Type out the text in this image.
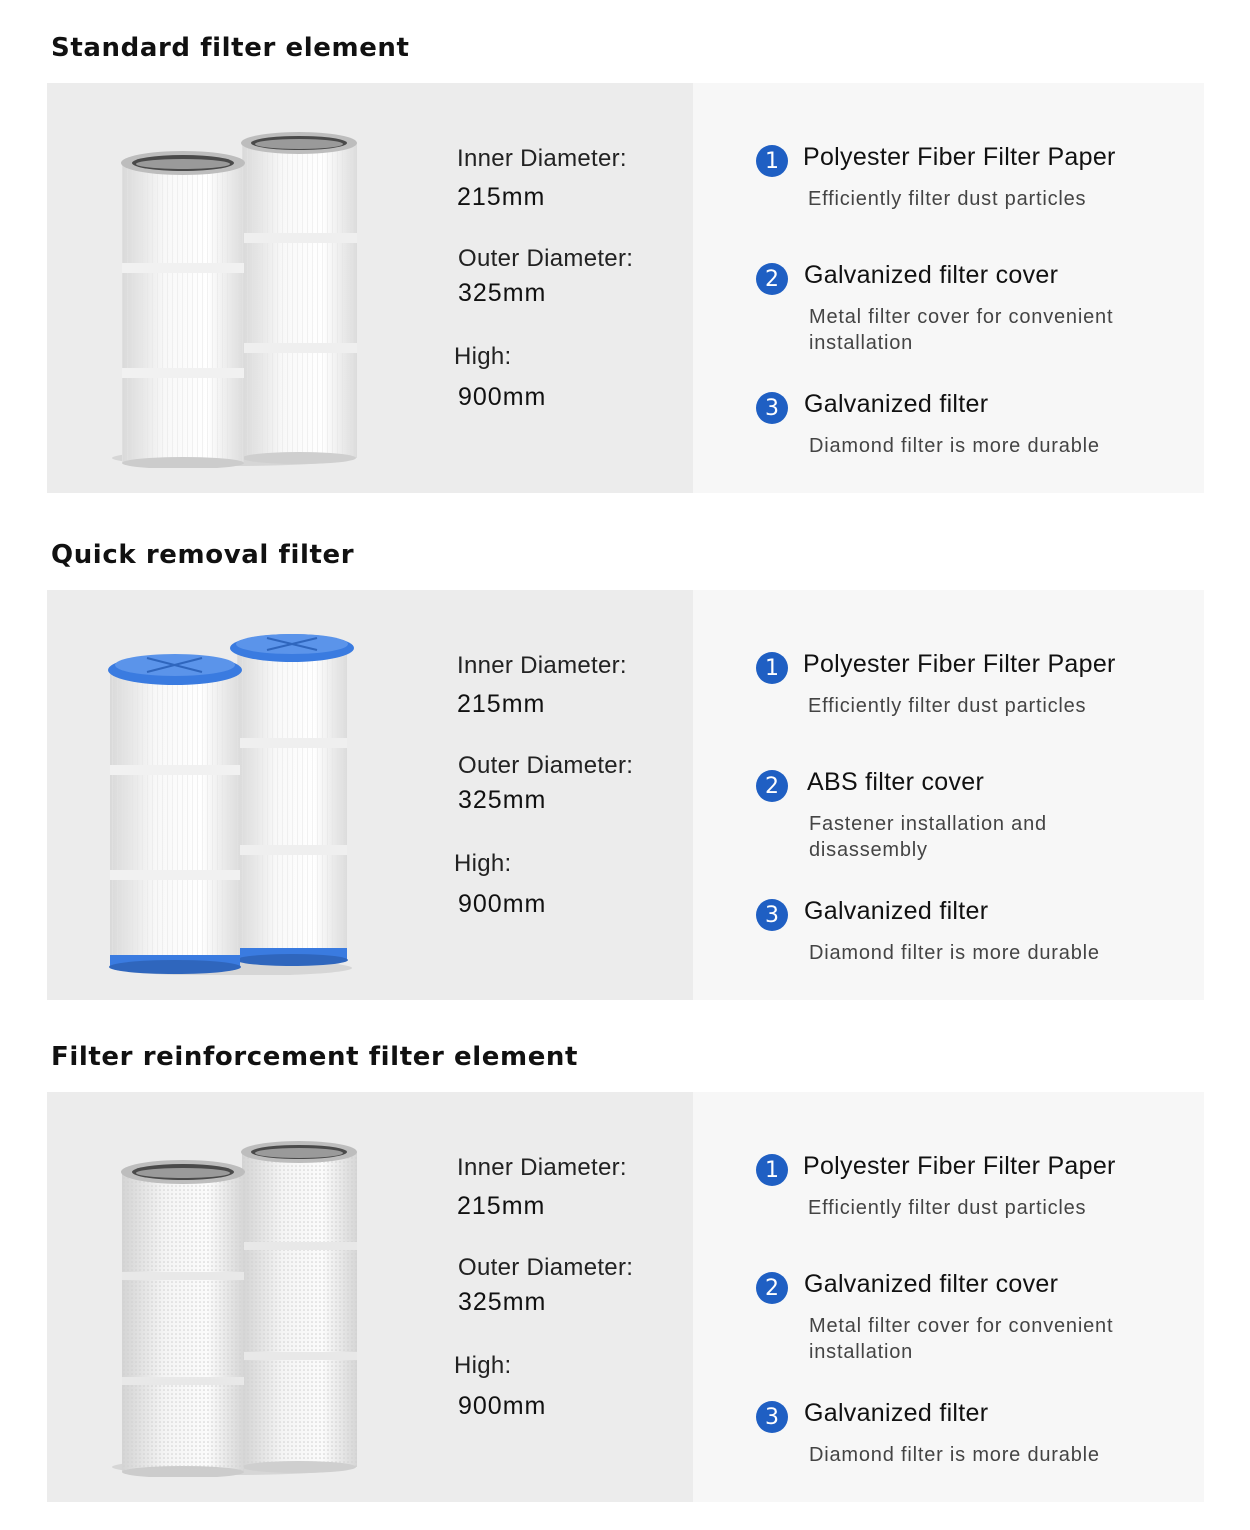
Standard filter element
Inner Diameter:
215mm
Outer Diameter:
325mm
High:
900mm
1 Polyester Fiber Filter Paper
Efficiently filter dust particles
2	Galvanized filter cover
Metal filter cover for convenient installation
3	Galvanized filter
Diamond filter is more durable
Quick removal filter
Inner Diameter:
215mm
Outer Diameter:
325mm
High:
900mm
1 Polyester Fiber Filter Paper
Efficiently filter dust particles
2	ABS filter cover
Fastener installation and disassembly
3	Galvanized filter
Diamond filter is more durable
Filter reinforcement filter element
Inner Diameter:
215mm
Outer Diameter:
325mm
High:
900mm
1 Polyester Fiber Filter Paper
Efficiently filter dust particles
2	Galvanized filter cover
Metal filter cover for convenient installation
3	Galvanized filter
Diamond filter is more durable
